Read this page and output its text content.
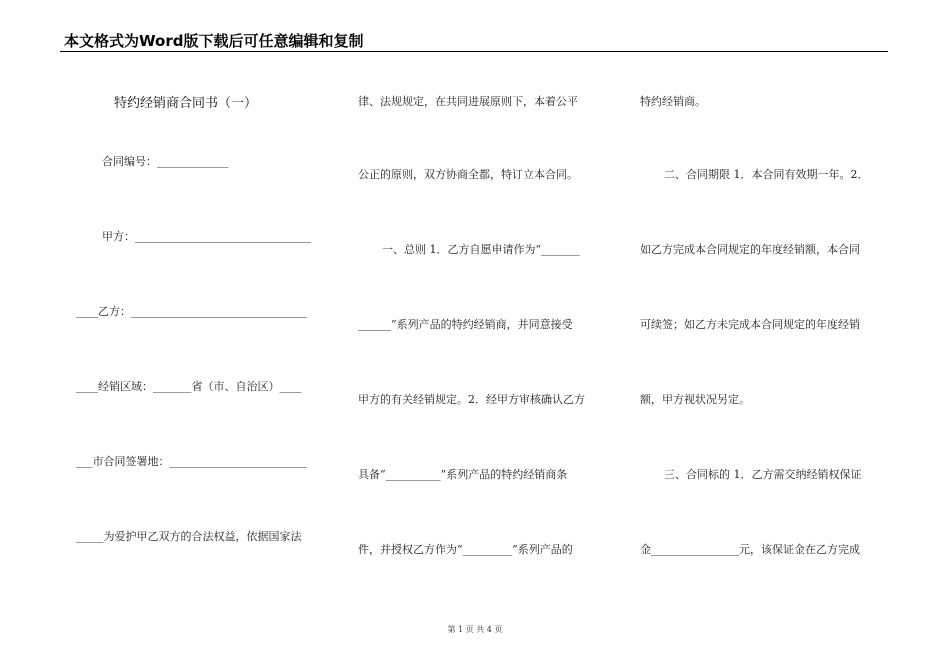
本文格式为Word版下载后可任意编辑和复制
特约经销商合同书（一）
合同编号：_____________
甲方：________________________________
____乙方：________________________________
____经销区域：_______省（市、自治区）____
___市合同签署地：_________________________
_____为爱护甲乙双方的合法权益，依据国家法
律、法规规定，在共同进展原则下，本着公平
公正的原则，双方协商全都，特订立本合同。
一、总则 1．乙方自愿申请作为“_______
______”系列产品的特约经销商，并同意接受
甲方的有关经销规定。2．经甲方审核确认乙方
具备“__________”系列产品的特约经销商条
件，并授权乙方作为“_________”系列产品的
特约经销商。
二、合同期限 1．本合同有效期一年。2．
如乙方完成本合同规定的年度经销额，本合同
可续签；如乙方未完成本合同规定的年度经销
额，甲方视状况另定。
三、合同标的 1．乙方需交纳经销权保证
金________________元，该保证金在乙方完成
第 1 页 共 4 页
